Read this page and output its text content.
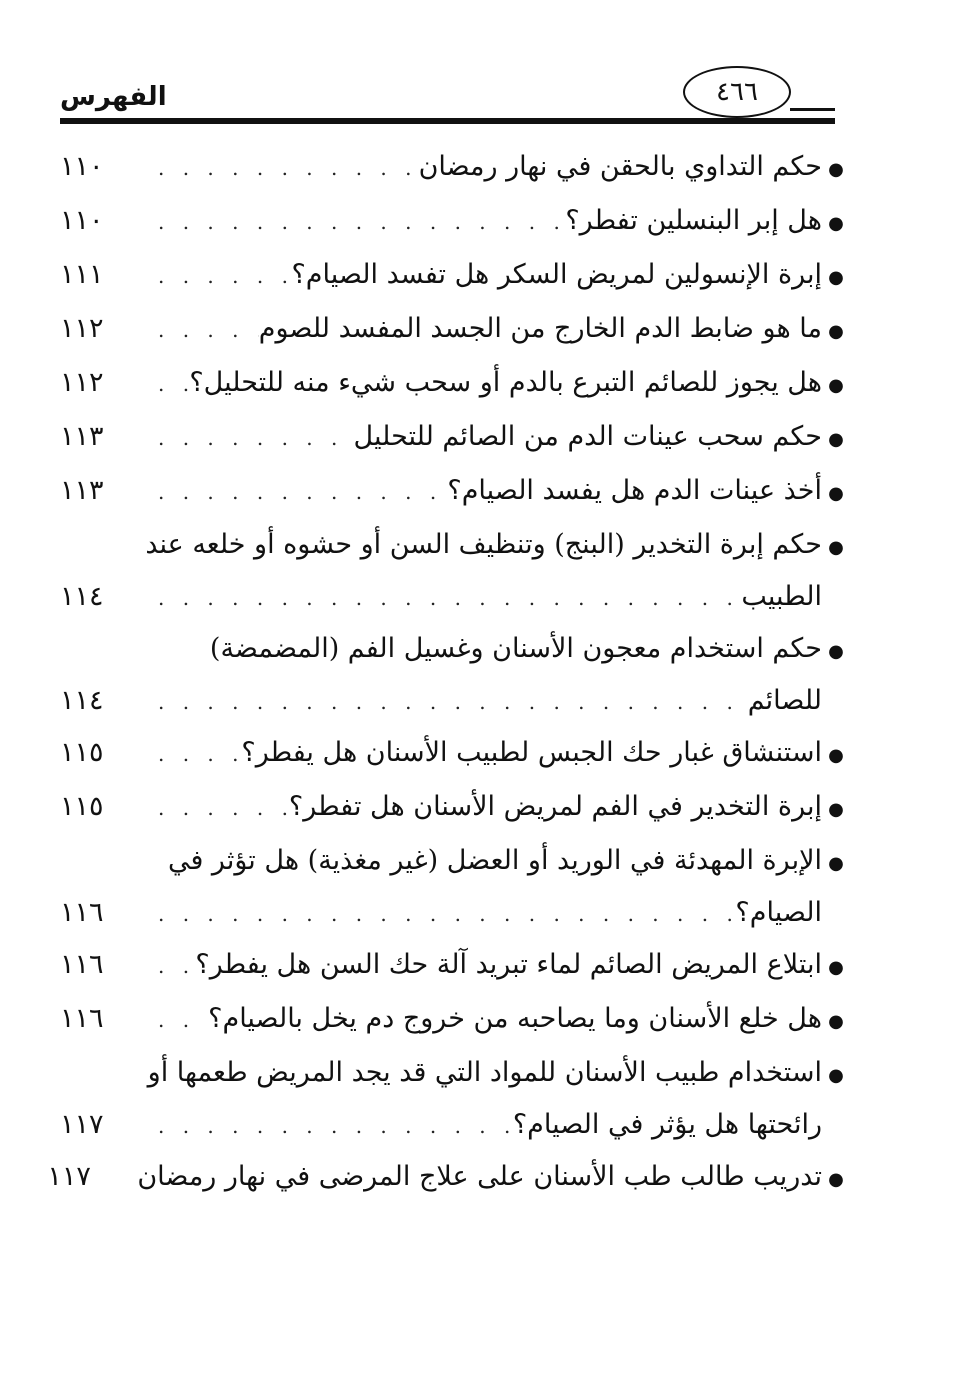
الفهرس	٤٦٦
●
حكم التداوي بالحقن في نهار رمضان
. . .
١١٠
●
هل إبر البنسلين تفطر؟
. . .
١١٠
●
إبرة الإنسولين لمريض السكر هل تفسد الصيام؟
. . .
١١١
●
ما هو ضابط الدم الخارج من الجسد المفسد للصوم
. . .
١١٢
●
هل يجوز للصائم التبرع بالدم أو سحب شيء منه للتحليل؟
. . .
١١٢
●
حكم سحب عينات الدم من الصائم للتحليل
. . .
١١٣
●
أخذ عينات الدم هل يفسد الصيام؟
. . .
١١٣
●
حكم إبرة التخدير (البنج) وتنظيف السن أو حشوه أو خلعه عند
الطبيب
. . .
١١٤
●
حكم استخدام معجون الأسنان وغسيل الفم (المضمضة)
للصائم
. . .
١١٤
●
استنشاق غبار حك الجبس لطبيب الأسنان هل يفطر؟
. . .
١١٥
●
إبرة التخدير في الفم لمريض الأسنان هل تفطر؟
. . .
١١٥
●
الإبرة المهدئة في الوريد أو العضل (غير مغذية) هل تؤثر في
الصيام؟
. . .
١١٦
●
ابتلاع المريض الصائم لماء تبريد آلة حك السن هل يفطر؟
. . .
١١٦
●
هل خلع الأسنان وما يصاحبه من خروج دم يخل بالصيام؟
. . .
١١٦
●
استخدام طبيب الأسنان للمواد التي قد يجد المريض طعمها أو
رائحتها هل يؤثر في الصيام؟
. . .
١١٧
●
تدريب طالب طب الأسنان على علاج المرضى في نهار رمضان
١١٧
